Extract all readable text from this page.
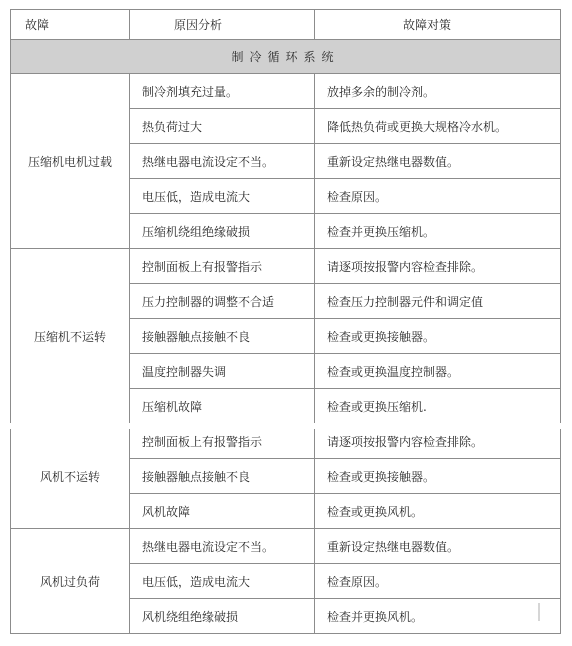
故障	原因分析	故障对策
制冷循环系统		
压缩机电机过载	制冷剂填充过量。	放掉多余的制冷剂。
	热负荷过大	降低热负荷或更换大规格冷水机。
	热继电器电流设定不当。	重新设定热继电器数值。
	电压低，造成电流大	检查原因。
	压缩机绕组绝缘破损	检查并更换压缩机。
压缩机不运转	控制面板上有报警指示	请逐项按报警内容检查排除。
	压力控制器的调整不合适	检查压力控制器元件和调定值
	接触器触点接触不良	检查或更换接触器。
	温度控制器失调	检查或更换温度控制器。
	压缩机故障	检查或更换压缩机.
风机不运转	控制面板上有报警指示	请逐项按报警内容检查排除。
	接触器触点接触不良	检查或更换接触器。
	风机故障	检查或更换风机。
风机过负荷	热继电器电流设定不当。	重新设定热继电器数值。
	电压低，造成电流大	检查原因。
	风机绕组绝缘破损	检查并更换风机。
